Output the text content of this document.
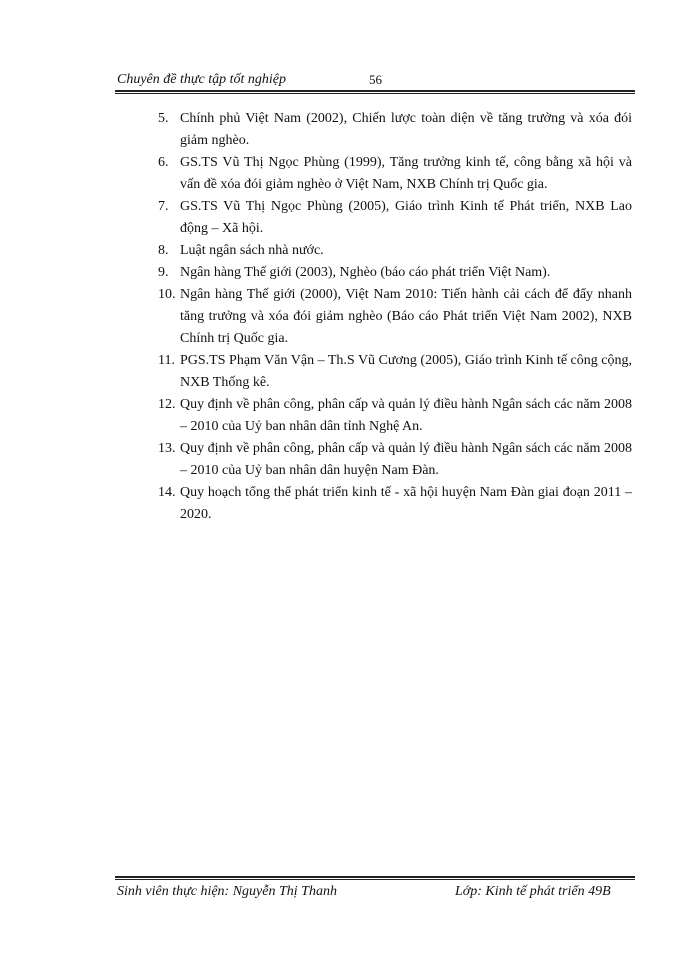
Chuyên đề thực tập tốt nghiệp	56
5. Chính phủ Việt Nam (2002), Chiến lược toàn diện về tăng trưởng và xóa đói giảm nghèo.
6. GS.TS Vũ Thị Ngọc Phùng (1999), Tăng trưởng kinh tế, công bằng xã hội và vấn đề xóa đói giảm nghèo ở Việt Nam, NXB Chính trị Quốc gia.
7. GS.TS Vũ Thị Ngọc Phùng (2005), Giáo trình Kinh tế Phát triển, NXB Lao động – Xã hội.
8. Luật ngân sách nhà nước.
9. Ngân hàng Thế giới (2003), Nghèo (báo cáo phát triển Việt Nam).
10. Ngân hàng Thế giới (2000), Việt Nam 2010: Tiến hành cải cách để đẩy nhanh tăng trưởng và xóa đói giảm nghèo (Báo cáo Phát triển Việt Nam 2002), NXB Chính trị Quốc gia.
11. PGS.TS Phạm Văn Vận – Th.S Vũ Cương (2005), Giáo trình Kinh tế công cộng, NXB Thống kê.
12. Quy định về phân công, phân cấp và quản lý điều hành Ngân sách các năm 2008 – 2010 của Uỷ ban nhân dân tỉnh Nghệ An.
13. Quy định về phân công, phân cấp và quản lý điều hành Ngân sách các năm 2008 – 2010 của Uỷ ban nhân dân huyện Nam Đàn.
14. Quy hoạch tổng thể phát triển kinh tế - xã hội huyện Nam Đàn giai đoạn 2011 – 2020.
Sinh viên thực hiện: Nguyễn Thị Thanh	Lớp: Kinh tế phát triển 49B
